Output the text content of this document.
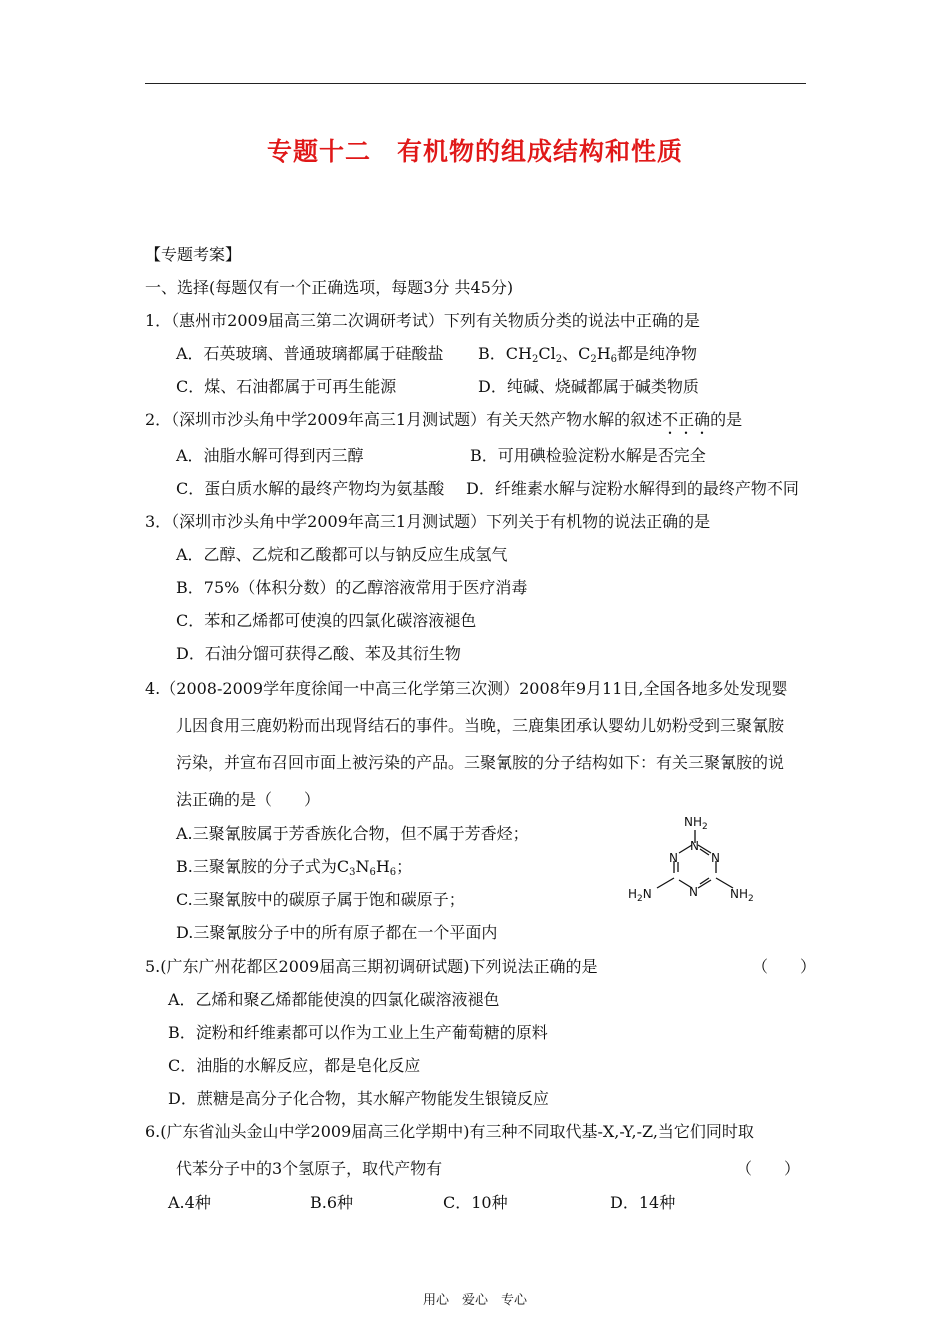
专题十二　有机物的组成结构和性质
【专题考案】
一、选择(每题仅有一个正确选项，每题3分 共45分)
1．（惠州市2009届高三第二次调研考试）下列有关物质分类的说法中正确的是
A．石英玻璃、普通玻璃都属于硅酸盐 B．$CH_2Cl_2$、$C_2H_6$都是纯净物
C．煤、石油都属于可再生能源	D．纯碱、烧碱都属于碱类物质
2．（深圳市沙头角中学2009年高三1月测试题）有关天然产物水解的叙述不正确的是
A．油脂水解可得到丙三醇	B．可用碘检验淀粉水解是否完全
C．蛋白质水解的最终产物均为氨基酸 D．纤维素水解与淀粉水解得到的最终产物不同
3．（深圳市沙头角中学2009年高三1月测试题）下列关于有机物的说法正确的是
A．乙醇、乙烷和乙酸都可以与钠反应生成氢气
B．75%（体积分数）的乙醇溶液常用于医疗消毒
C．苯和乙烯都可使溴的四氯化碳溶液褪色
D．石油分馏可获得乙酸、苯及其衍生物
4.（2008-2009学年度徐闻一中高三化学第三次测）2008年9月11日,全国各地多处发现婴
儿因食用三鹿奶粉而出现肾结石的事件。当晚，三鹿集团承认婴幼儿奶粉受到三聚氰胺
污染，并宣布召回市面上被污染的产品。三聚氰胺的分子结构如下：有关三聚氰胺的说
法正确的是（　　）
A.三聚氰胺属于芳香族化合物，但不属于芳香烃；
B.三聚氰胺的分子式为$C_3N_6H_6$；
C.三聚氰胺中的碳原子属于饱和碳原子；
D.三聚氰胺分子中的所有原子都在一个平面内
$NH_2$
N
N
N
N
$H_2N$	$NH_2$
5.(广东广州花都区2009届高三期初调研试题)下列说法正确的是	（　　）
A．乙烯和聚乙烯都能使溴的四氯化碳溶液褪色
B．淀粉和纤维素都可以作为工业上生产葡萄糖的原料
C．油脂的水解反应，都是皂化反应
D．蔗糖是高分子化合物，其水解产物能发生银镜反应
6.(广东省汕头金山中学2009届高三化学期中)有三种不同取代基-X,-Y,-Z,当它们同时取
代苯分子中的3个氢原子，取代产物有	（　　）
A.4种	B.6种	C．10种	D．14种
用心　爱心　专心
